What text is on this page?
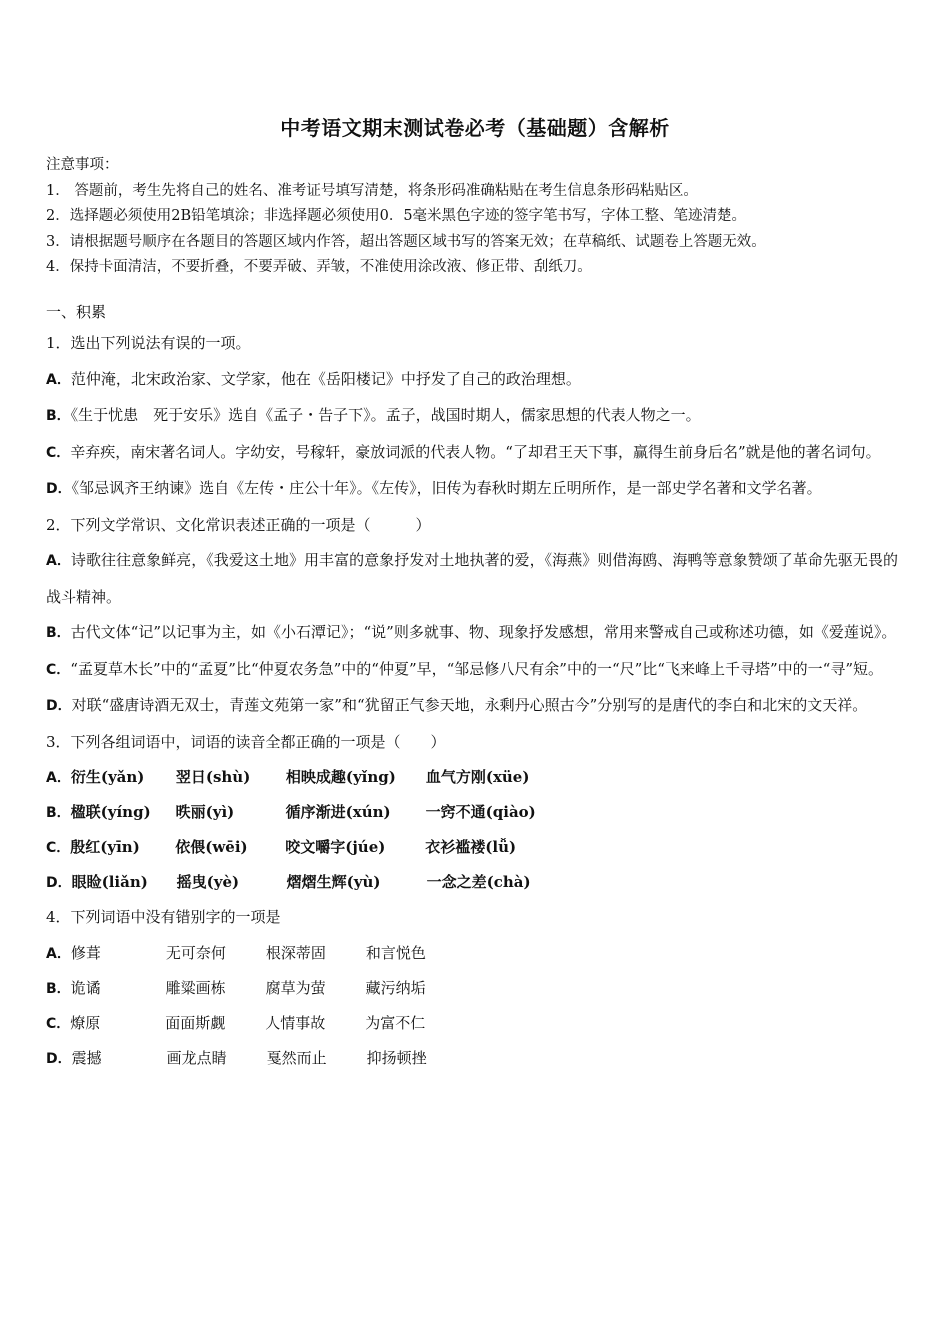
中考语文期末测试卷必考（基础题）含解析
注意事项：
1． 答题前，考生先将自己的姓名、准考证号填写清楚，将条形码准确粘贴在考生信息条形码粘贴区。
2．选择题必须使用2B铅笔填涂；非选择题必须使用0．5毫米黑色字迹的签字笔书写，字体工整、笔迹清楚。
3．请根据题号顺序在各题目的答题区域内作答，超出答题区域书写的答案无效；在草稿纸、试题卷上答题无效。
4．保持卡面清洁，不要折叠，不要弄破、弄皱，不准使用涂改液、修正带、刮纸刀。
一、积累
1．选出下列说法有误的一项。
A．范仲淹，北宋政治家、文学家，他在《岳阳楼记》中抒发了自己的政治理想。
B．《生于忧患　死于安乐》选自《孟子・告子下》。孟子，战国时期人，儒家思想的代表人物之一。
C．辛弃疾，南宋著名词人。字幼安，号稼轩，豪放词派的代表人物。“了却君王天下事，赢得生前身后名”就是他的著名词句。
D．《邹忌讽齐王纳谏》选自《左传・庄公十年》。《左传》，旧传为春秋时期左丘明所作，是一部史学名著和文学名著。
2．下列文学常识、文化常识表述正确的一项是（　　　）
A．诗歌往往意象鲜亮，《我爱这土地》用丰富的意象抒发对土地执著的爱，《海燕》则借海鸥、海鸭等意象赞颂了革命先驱无畏的战斗精神。
B．古代文体“记”以记事为主，如《小石潭记》；“说”则多就事、物、现象抒发感想，常用来警戒自己或称述功德，如《爱莲说》。
C．“孟夏草木长”中的“孟夏”比“仲夏农务急”中的“仲夏”早，“邹忌修八尺有余”中的一“尺”比“飞来峰上千寻塔”中的一“寻”短。
D．对联“盛唐诗酒无双士，青莲文苑第一家”和“犹留正气参天地，永剩丹心照古今”分别写的是唐代的李白和北宋的文天祥。
3．下列各组词语中，词语的读音全都正确的一项是（　　）
A．衍生(yǎn) 翌日(shù) 相映成趣(yǐng) 血气方刚(xüe)
B．楹联(yíng) 昳丽(yì)	循序渐进(xún) 一窍不通(qiào)
C．殷红(yīn) 依偎(wēi)	咬文嚼字(júe)	衣衫褴褛(lǚ)
D．眼睑(liǎn) 摇曳(yè)	熠熠生辉(yù)	一念之差(chà)
4．下列词语中没有错别字的一项是
A．修葺	无可奈何	根深蒂固	和言悦色
B．诡谲	雕粱画栋	腐草为萤	藏污纳垢
C．燎原	面面斯觑	人情事故	为富不仁
D．震撼	画龙点睛	戛然而止	抑扬顿挫
